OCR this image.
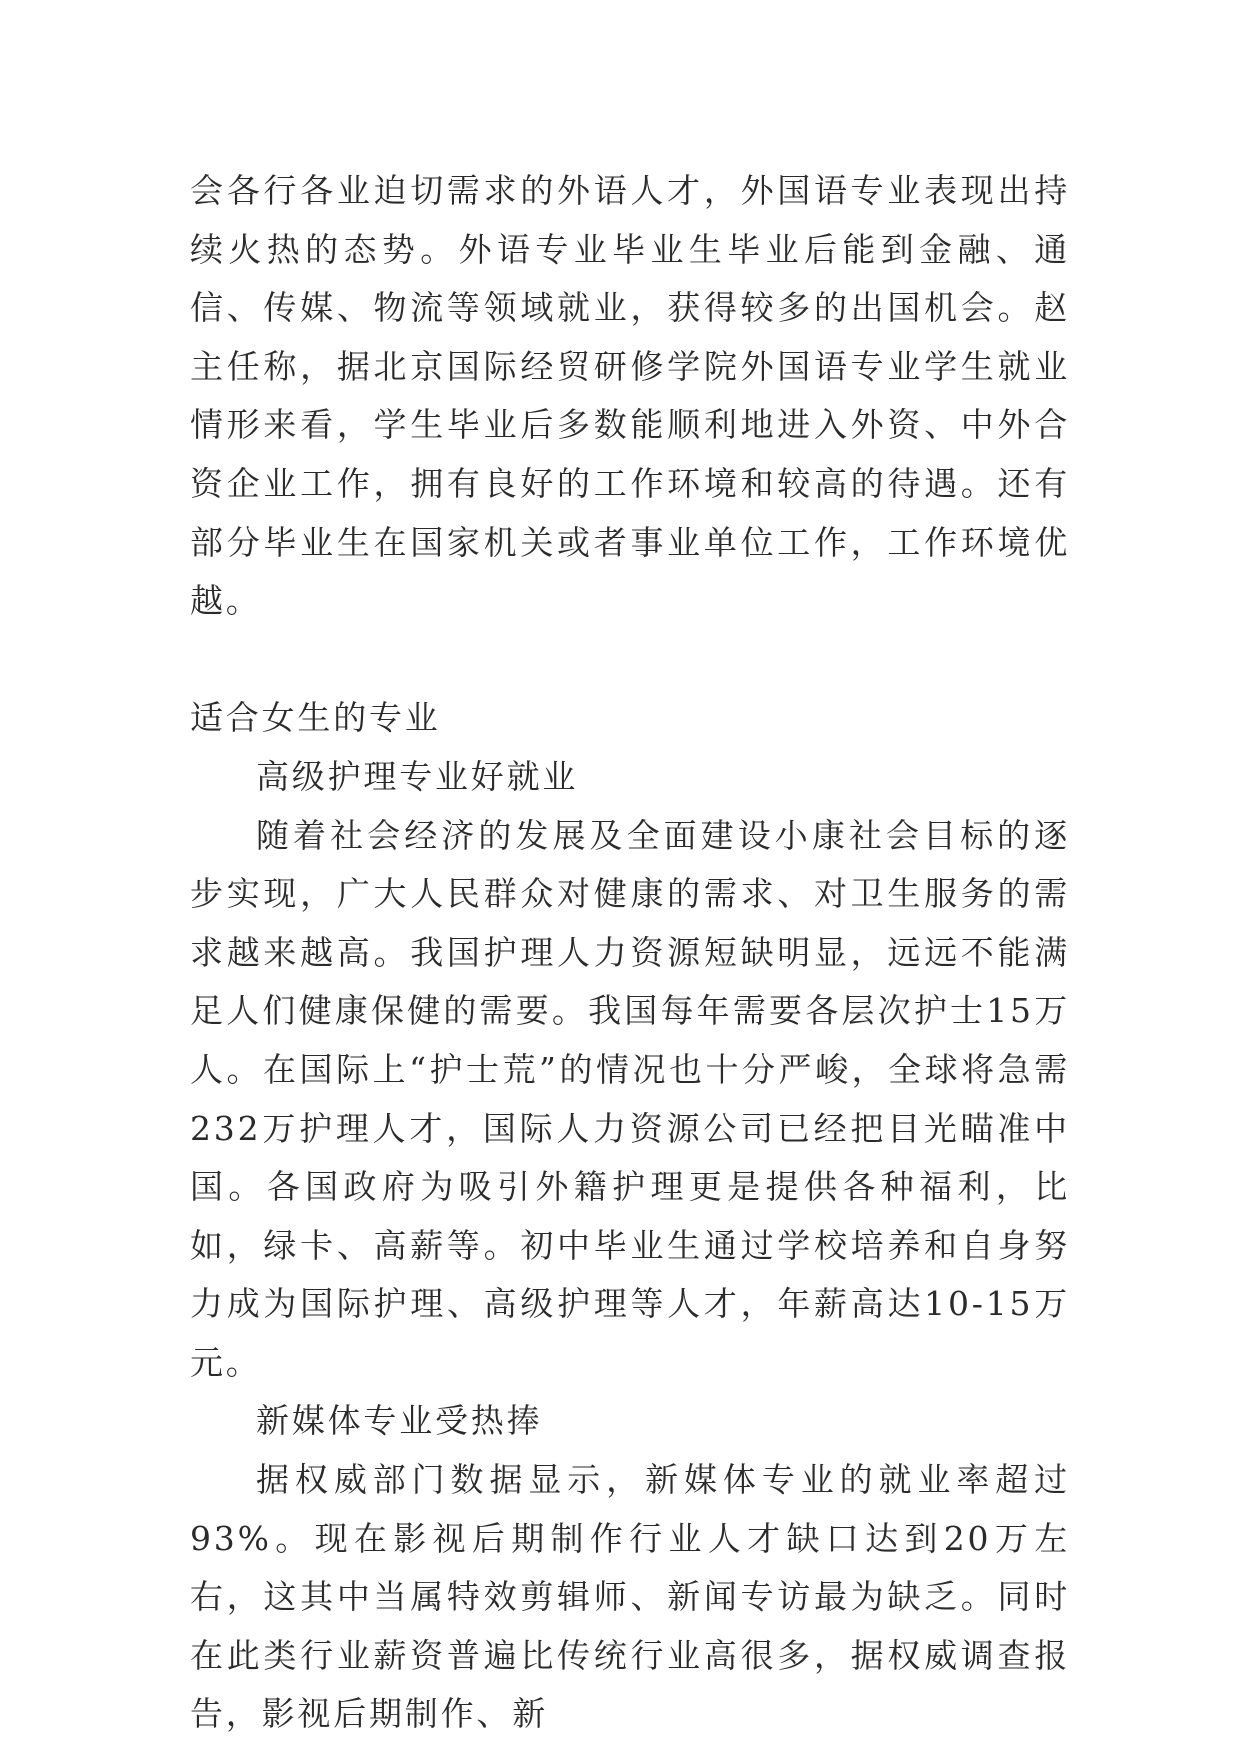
会各行各业迫切需求的外语人才，外国语专业表现出持续火热的态势。外语专业毕业生毕业后能到金融、通信、传媒、物流等领域就业，获得较多的出国机会。赵主任称，据北京国际经贸研修学院外国语专业学生就业情形来看，学生毕业后多数能顺利地进入外资、中外合资企业工作，拥有良好的工作环境和较高的待遇。还有部分毕业生在国家机关或者事业单位工作，工作环境优越。

适合女生的专业

高级护理专业好就业

随着社会经济的发展及全面建设小康社会目标的逐步实现，广大人民群众对健康的需求、对卫生服务的需求越来越高。我国护理人力资源短缺明显，远远不能满足人们健康保健的需要。我国每年需要各层次护士15万人。在国际上“护士荒”的情况也十分严峻，全球将急需232万护理人才，国际人力资源公司已经把目光瞄准中国。各国政府为吸引外籍护理更是提供各种福利，比如，绿卡、高薪等。初中毕业生通过学校培养和自身努力成为国际护理、高级护理等人才，年薪高达10-15万元。

新媒体专业受热捧

据权威部门数据显示，新媒体专业的就业率超过93%。现在影视后期制作行业人才缺口达到20万左右，这其中当属特效剪辑师、新闻专访最为缺乏。同时在此类行业薪资普遍比传统行业高很多，据权威调查报告，影视后期制作、新
